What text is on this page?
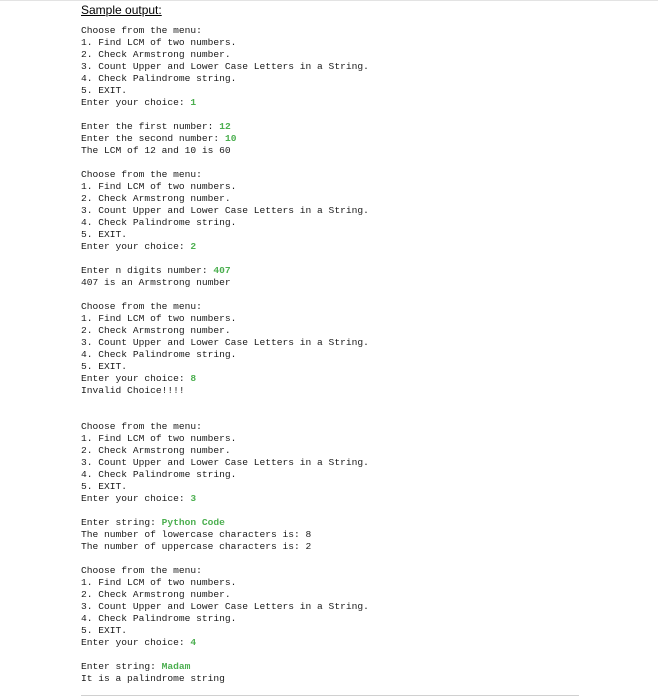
Sample output:
Choose from the menu:
1. Find LCM of two numbers.
2. Check Armstrong number.
3. Count Upper and Lower Case Letters in a String.
4. Check Palindrome string.
5. EXIT.
Enter your choice: 1
Enter the first number: 12
Enter the second number: 10
The LCM of 12 and 10 is 60
Choose from the menu:
1. Find LCM of two numbers.
2. Check Armstrong number.
3. Count Upper and Lower Case Letters in a String.
4. Check Palindrome string.
5. EXIT.
Enter your choice: 2
Enter n digits number: 407
407 is an Armstrong number
Choose from the menu:
1. Find LCM of two numbers.
2. Check Armstrong number.
3. Count Upper and Lower Case Letters in a String.
4. Check Palindrome string.
5. EXIT.
Enter your choice: 8
Invalid Choice!!!!
Choose from the menu:
1. Find LCM of two numbers.
2. Check Armstrong number.
3. Count Upper and Lower Case Letters in a String.
4. Check Palindrome string.
5. EXIT.
Enter your choice: 3
Enter string: Python Code
The number of lowercase characters is: 8
The number of uppercase characters is: 2
Choose from the menu:
1. Find LCM of two numbers.
2. Check Armstrong number.
3. Count Upper and Lower Case Letters in a String.
4. Check Palindrome string.
5. EXIT.
Enter your choice: 4
Enter string: Madam
It is a palindrome string
